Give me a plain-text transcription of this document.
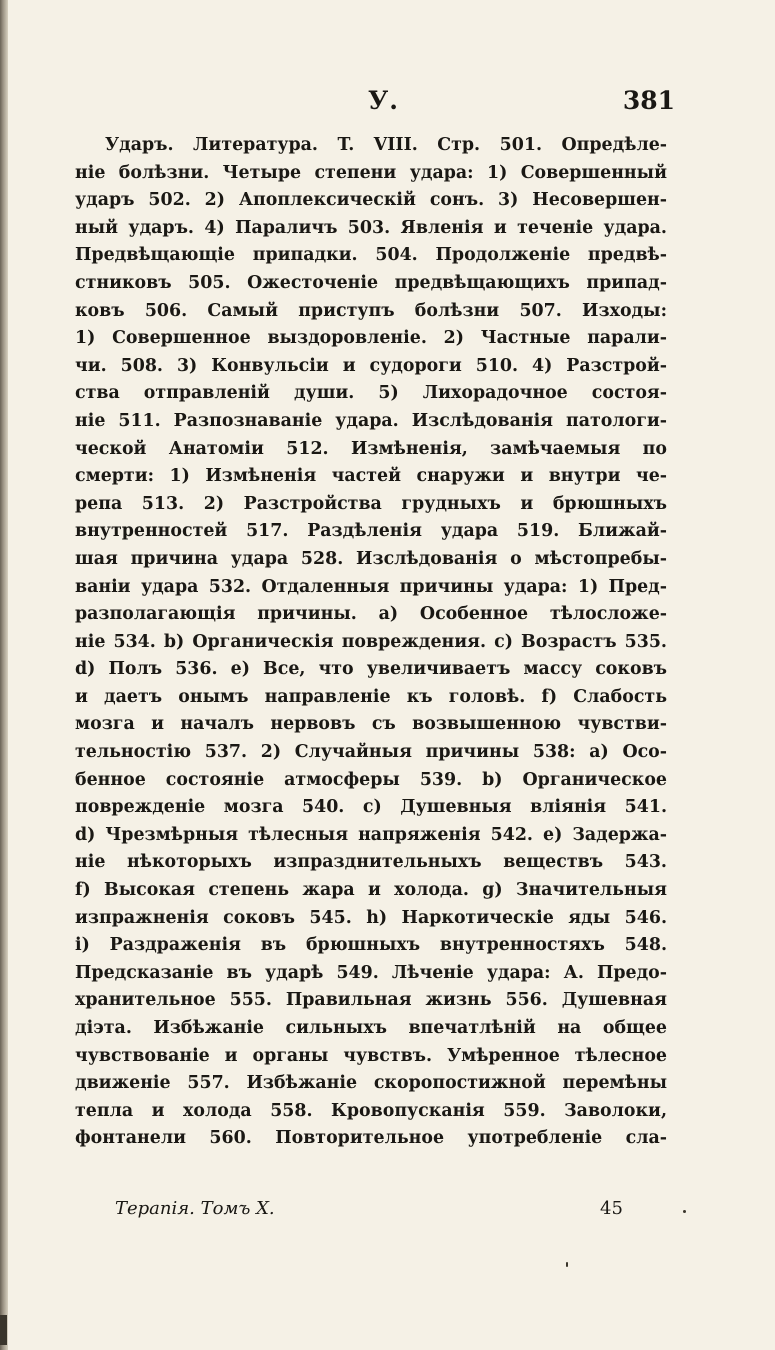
У.	381
Ударъ. Литература. T. VIII. Стр. 501. Опредѣле-
ніе болѣзни. Четыре степени удара: 1) Совершенный
ударъ 502. 2) Апоплексическій сонъ. 3) Несовершен-
ный ударъ. 4) Параличъ 503. Явленія и теченіе удара.
Предвѣщающіе припадки. 504. Продолженіе предвѣ-
стниковъ 505. Ожесточеніе предвѣщающихъ припад-
ковъ 506. Самый приступъ болѣзни 507. Изходы:
1) Совершенное выздоровленіе. 2) Частные парали-
чи. 508. 3) Конвульсіи и судороги 510. 4) Разстрой-
ства отправленій души. 5) Лихорадочное состоя-
ніе 511. Разпознаваніе удара. Изслѣдованія патологи-
ческой Анатоміи 512. Измѣненія, замѣчаемыя по
смерти: 1) Измѣненія частей снаружи и внутри че-
репа 513. 2) Разстройства грудныхъ и брюшныхъ
внутренностей 517. Раздѣленія удара 519. Ближай-
шая причина удара 528. Изслѣдованія о мѣстопребы-
ваніи удара 532. Отдаленныя причины удара: 1) Пред-
разполагающія причины. a) Особенное тѣлосложе-
ніе 534. b) Органическія повреждения. c) Возрастъ 535.
d) Полъ 536. e) Все, что увеличиваетъ массу соковъ
и даетъ онымъ направленіе къ головѣ. f) Слабость
мозга и началъ нервовъ съ возвышенною чувстви-
тельностію 537. 2) Случайныя причины 538: a) Осо-
бенное состояніе атмосферы 539. b) Органическое
поврежденіе мозга 540. c) Душевныя вліянія 541.
d) Чрезмѣрныя тѣлесныя напряженія 542. e) Задержа-
ніе нѣкоторыхъ изпразднительныхъ веществъ 543.
f) Высокая степень жара и холода. g) Значительныя
изпражненія соковъ 545. h) Наркотическіе яды 546.
i) Раздраженія въ брюшныхъ внутренностяхъ 548.
Предсказаніе въ ударѣ 549. Лѣченіе удара: А. Предо-
хранительное 555. Правильная жизнь 556. Душевная
діэта. Избѣжаніе сильныхъ впечатлѣній на общее
чувствованіе и органы чувствъ. Умѣренное тѣлесное
движеніе 557. Избѣжаніе скоропостижной перемѣны
тепла и холода 558. Кровопусканія 559. Заволоки,
фонтанели 560. Повторительное употребленіе сла-
Терапія. Томъ X.	45
